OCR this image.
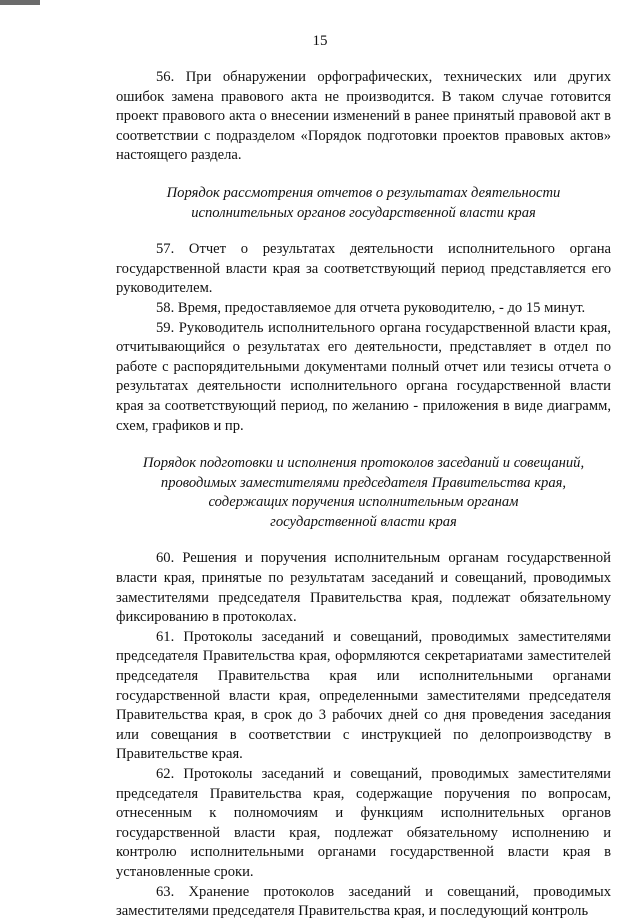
15

56. При обнаружении орфографических, технических или других ошибок замена правового акта не производится. В таком случае готовится проект правового акта о внесении изменений в ранее принятый правовой акт в соответствии с подразделом «Порядок подготовки проектов правовых актов» настоящего раздела.

Порядок рассмотрения отчетов о результатах деятельности
исполнительных органов государственной власти края

57. Отчет о результатах деятельности исполнительного органа государственной власти края за соответствующий период представляется его руководителем.

58. Время, предоставляемое для отчета руководителю, - до 15 минут.

59. Руководитель исполнительного органа государственной власти края, отчитывающийся о результатах его деятельности, представляет в отдел по работе с распорядительными документами полный отчет или тезисы отчета о результатах деятельности исполнительного органа государственной власти края за соответствующий период, по желанию - приложения в виде диаграмм, схем, графиков и пр.

Порядок подготовки и исполнения протоколов заседаний и совещаний,
проводимых заместителями председателя Правительства края,
содержащих поручения исполнительным органам
государственной власти края

60. Решения и поручения исполнительным органам государственной власти края, принятые по результатам заседаний и совещаний, проводимых заместителями председателя Правительства края, подлежат обязательному фиксированию в протоколах.

61. Протоколы заседаний и совещаний, проводимых заместителями председателя Правительства края, оформляются секретариатами заместителей председателя Правительства края или исполнительными органами государственной власти края, определенными заместителями председателя Правительства края, в срок до 3 рабочих дней со дня проведения заседания или совещания в соответствии с инструкцией по делопроизводству в Правительстве края.

62. Протоколы заседаний и совещаний, проводимых заместителями председателя Правительства края, содержащие поручения по вопросам, отнесенным к полномочиям и функциям исполнительных органов государственной власти края, подлежат обязательному исполнению и контролю исполнительными органами государственной власти края в установленные сроки.

63. Хранение протоколов заседаний и совещаний, проводимых заместителями председателя Правительства края, и последующий контроль
